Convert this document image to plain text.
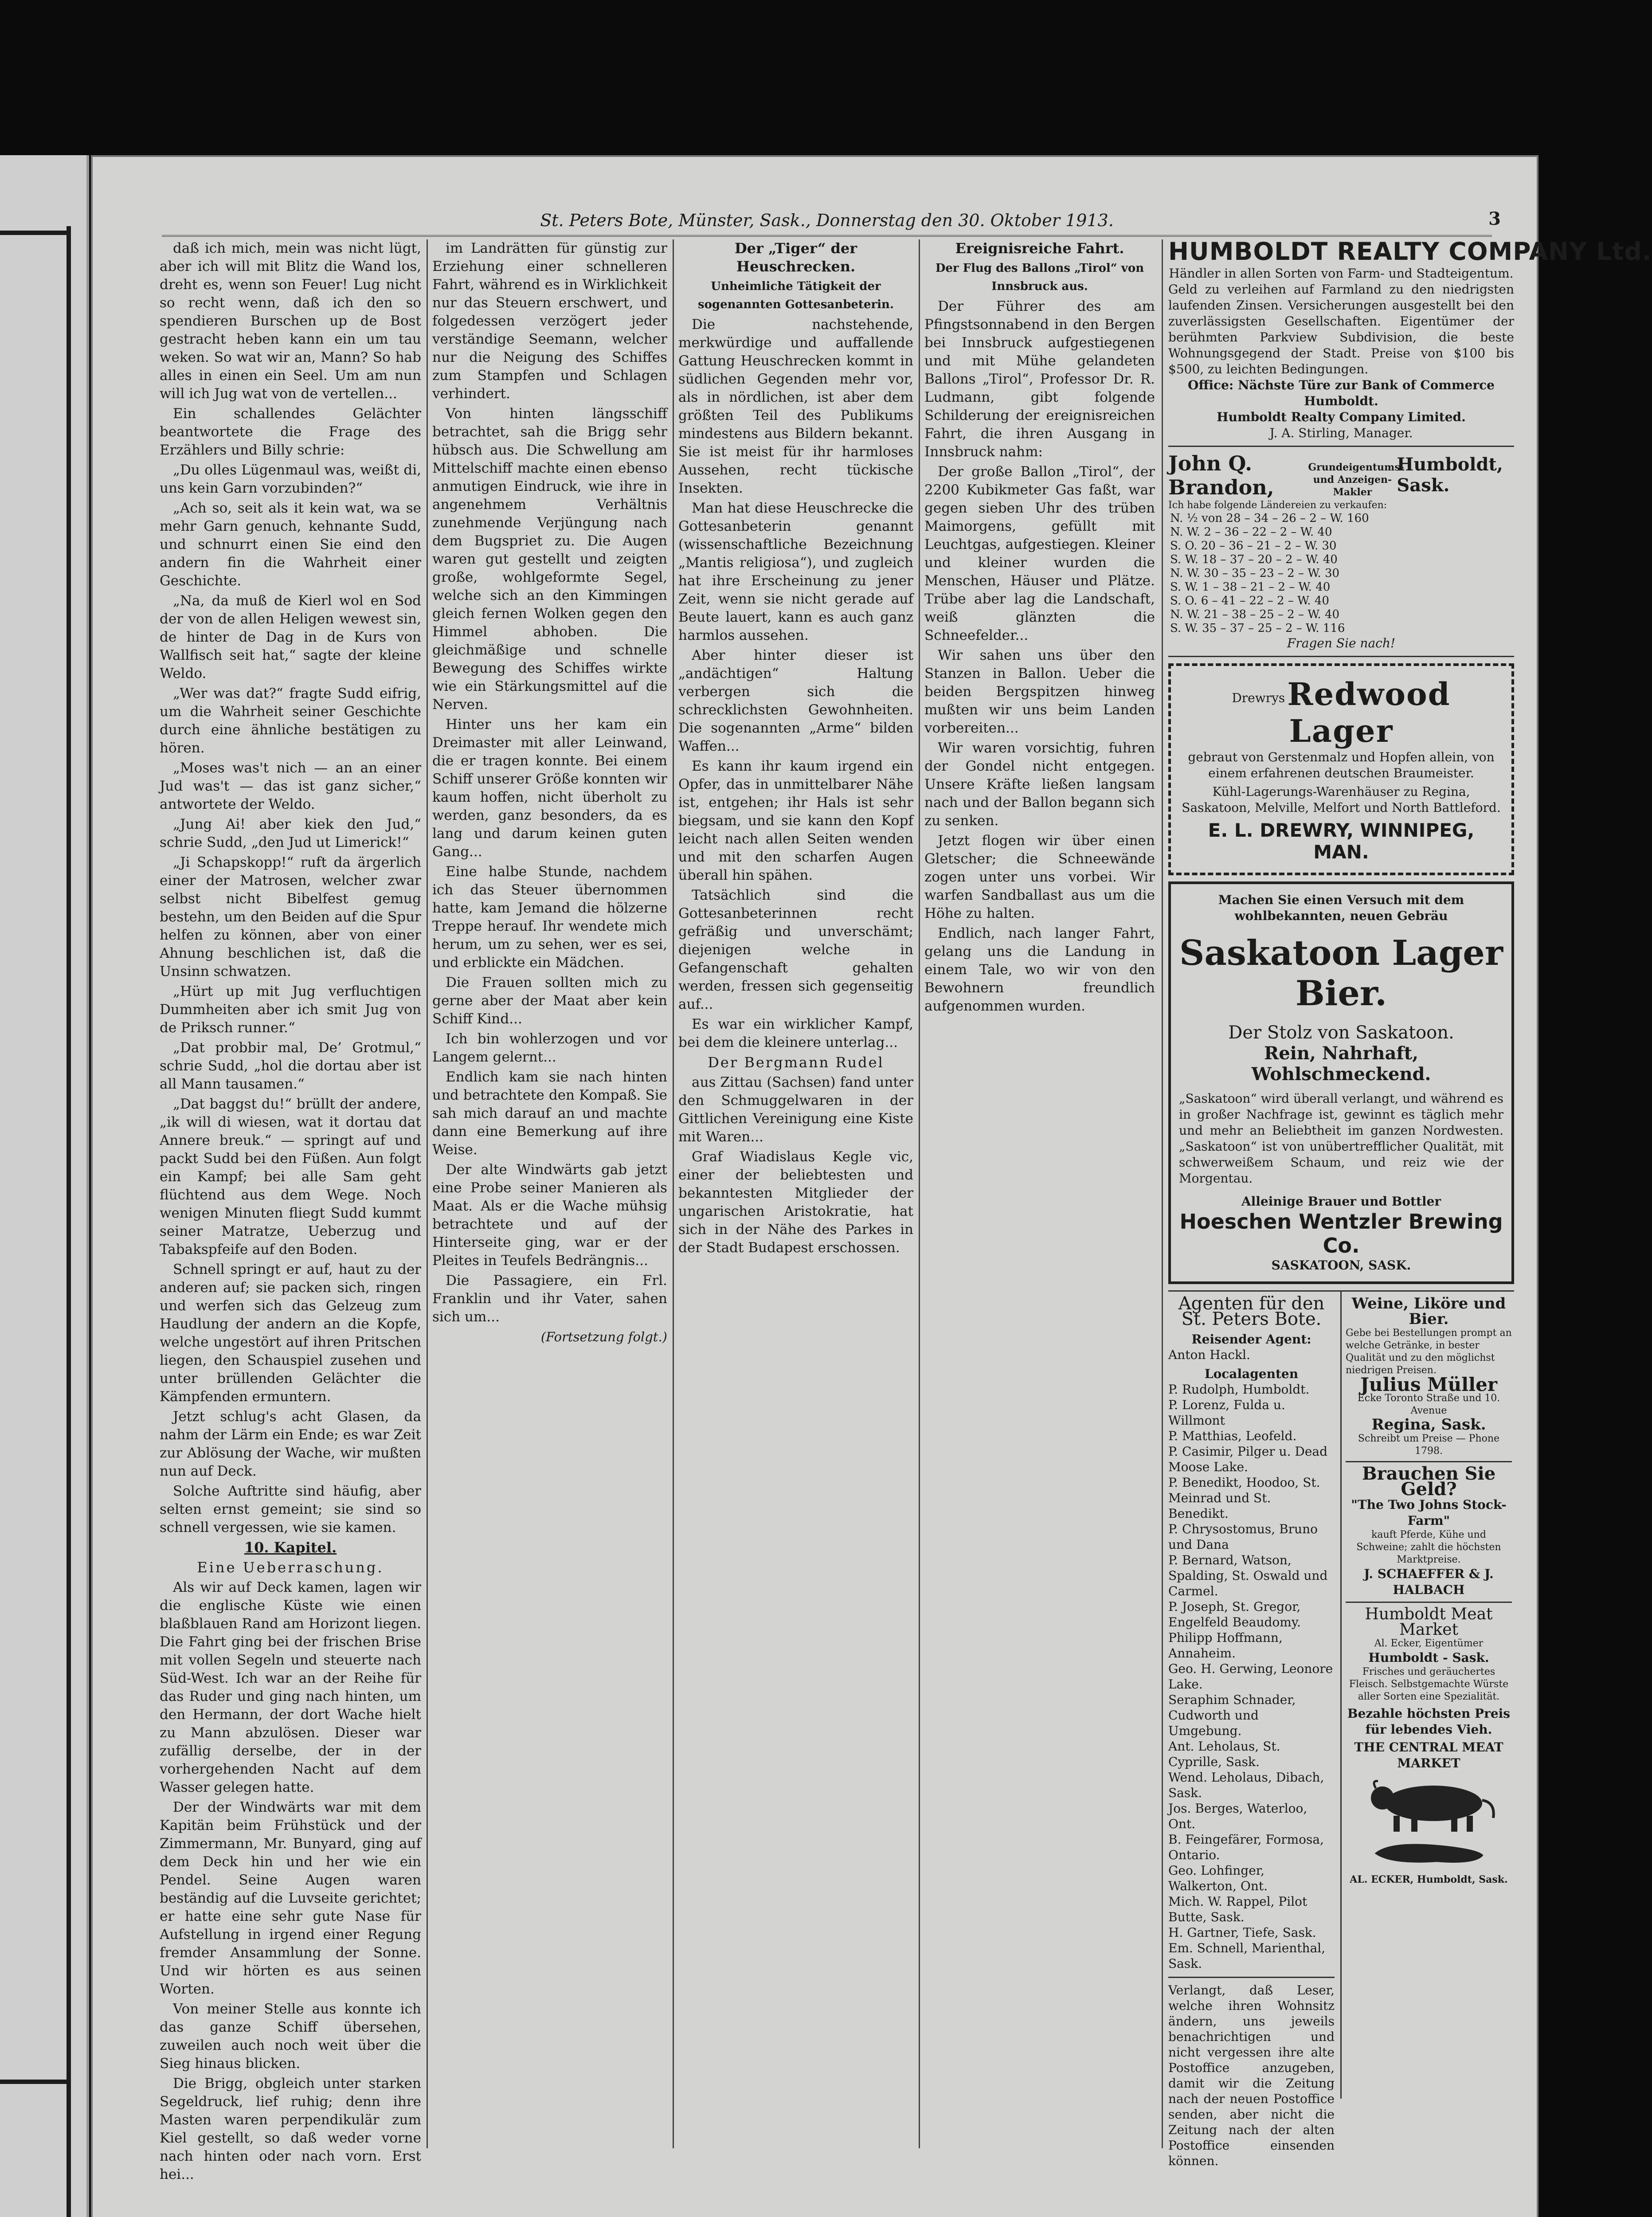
St. Peters Bote, Münster, Sask., Donnerstag den 30. Oktober 1913.	3

daß ich mich, mein was nicht lügt, aber ich will mit Blitz die Wand los, dreht es, wenn son Feuer! Lug nicht so recht wenn, daß ich den so spendieren Burschen up de Bost gestracht heben kann ein um tau weken. So wat wir an, Mann? So hab alles in einen ein Seel. Um am nun will ich Jug wat von de vertellen...

Ein schallendes Gelächter beantwortete die Frage des Erzählers und Billy schrie:

„Du olles Lügenmaul was, weißt di, uns kein Garn vorzubinden?“

„Ach so, seit als it kein wat, wa se mehr Garn genuch, kehnante Sudd, und schnurrt einen Sie eind den andern fin die Wahrheit einer Geschichte.

„Na, da muß de Kierl wol en Sod der von de allen Heligen wewest sin, de hinter de Dag in de Kurs von Wallfisch seit hat,“ sagte der kleine Weldo.

„Wer was dat?“ fragte Sudd eifrig, um die Wahrheit seiner Geschichte durch eine ähnliche bestätigen zu hören.

„Moses was't nich — an an einer Jud was't — das ist ganz sicher,“ antwortete der Weldo.

„Jung Ai! aber kiek den Jud,“ schrie Sudd, „den Jud ut Limerick!“

„Ji Schapskopp!“ ruft da ärgerlich einer der Matrosen, welcher zwar selbst nicht Bibelfest gemug bestehn, um den Beiden auf die Spur helfen zu können, aber von einer Ahnung beschlichen ist, daß die Unsinn schwatzen.

„Hürt up mit Jug verfluchtigen Dummheiten aber ich smit Jug von de Priksch runner.“

„Dat probbir mal, De’ Grotmul,“ schrie Sudd, „hol die dortau aber ist all Mann tausamen.“

„Dat baggst du!“ brüllt der andere, „ik will di wiesen, wat it dortau dat Annere breuk.“ — springt auf und packt Sudd bei den Füßen. Aun folgt ein Kampf; bei alle Sam geht flüchtend aus dem Wege. Noch wenigen Minuten fliegt Sudd kummt seiner Matratze, Ueberzug und Tabakspfeife auf den Boden.

Schnell springt er auf, haut zu der anderen auf; sie packen sich, ringen und werfen sich das Gelzeug zum Haudlung der andern an die Kopfe, welche ungestört auf ihren Pritschen liegen, den Schauspiel zusehen und unter brüllenden Gelächter die Kämpfenden ermuntern.

Jetzt schlug's acht Glasen, da nahm der Lärm ein Ende; es war Zeit zur Ablösung der Wache, wir mußten nun auf Deck.

Solche Auftritte sind häufig, aber selten ernst gemeint; sie sind so schnell vergessen, wie sie kamen.

10. Kapitel.

Eine Ueberraschung.

Als wir auf Deck kamen, lagen wir die englische Küste wie einen blaßblauen Rand am Horizont liegen. Die Fahrt ging bei der frischen Brise mit vollen Segeln und steuerte nach Süd-West. Ich war an der Reihe für das Ruder und ging nach hinten, um den Hermann, der dort Wache hielt zu Mann abzulösen. Dieser war zufällig derselbe, der in der vorhergehenden Nacht auf dem Wasser gelegen hatte.

Der der Windwärts war mit dem Kapitän beim Frühstück und der Zimmermann, Mr. Bunyard, ging auf dem Deck hin und her wie ein Pendel. Seine Augen waren beständig auf die Luvseite gerichtet; er hatte eine sehr gute Nase für Aufstellung in irgend einer Regung fremder Ansammlung der Sonne. Und wir hörten es aus seinen Worten.

Von meiner Stelle aus konnte ich das ganze Schiff übersehen, zuweilen auch noch weit über die Sieg hinaus blicken.

Die Brigg, obgleich unter starken Segeldruck, lief ruhig; denn ihre Masten waren perpendikulär zum Kiel gestellt, so daß weder vorne nach hinten oder nach vorn. Erst hei...

im Landrätten für günstig zur Erziehung einer schnelleren Fahrt, während es in Wirklichkeit nur das Steuern erschwert, und folgedessen verzögert jeder verständige Seemann, welcher nur die Neigung des Schiffes zum Stampfen und Schlagen verhindert.

Von hinten längsschiff betrachtet, sah die Brigg sehr hübsch aus. Die Schwellung am Mittelschiff machte einen ebenso anmutigen Eindruck, wie ihre in angenehmem Verhältnis zunehmende Verjüngung nach dem Bugspriet zu. Die Augen waren gut gestellt und zeigten große, wohlgeformte Segel, welche sich an den Kimmingen gleich fernen Wolken gegen den Himmel abhoben. Die gleichmäßige und schnelle Bewegung des Schiffes wirkte wie ein Stärkungsmittel auf die Nerven.

Hinter uns her kam ein Dreimaster mit aller Leinwand, die er tragen konnte. Bei einem Schiff unserer Größe konnten wir kaum hoffen, nicht überholt zu werden, ganz besonders, da es lang und darum keinen guten Gang...

Eine halbe Stunde, nachdem ich das Steuer übernommen hatte, kam Jemand die hölzerne Treppe herauf. Ihr wendete mich herum, um zu sehen, wer es sei, und erblickte ein Mädchen.

Die Frauen sollten mich zu gerne aber der Maat aber kein Schiff Kind...

Ich bin wohlerzogen und vor Langem gelernt...

Endlich kam sie nach hinten und betrachtete den Kompaß. Sie sah mich darauf an und machte dann eine Bemerkung auf ihre Weise.

Der alte Windwärts gab jetzt eine Probe seiner Manieren als Maat. Als er die Wache mühsig betrachtete und auf der Hinterseite ging, war er der Pleites in Teufels Bedrängnis...

Die Passagiere, ein Frl. Franklin und ihr Vater, sahen sich um...

(Fortsetzung folgt.)

Der „Tiger“ der Heuschrecken.

Unheimliche Tätigkeit der sogenannten Gottesanbeterin.

Die nachstehende, merkwürdige und auffallende Gattung Heuschrecken kommt in südlichen Gegenden mehr vor, als in nördlichen, ist aber dem größten Teil des Publikums mindestens aus Bildern bekannt. Sie ist meist für ihr harmloses Aussehen, recht tückische Insekten.

Man hat diese Heuschrecke die Gottesanbeterin genannt (wissenschaftliche Bezeichnung „Mantis religiosa“), und zugleich hat ihre Erscheinung zu jener Zeit, wenn sie nicht gerade auf Beute lauert, kann es auch ganz harmlos aussehen.

Aber hinter dieser ist „andächtigen“ Haltung verbergen sich die schrecklichsten Gewohnheiten. Die sogenannten „Arme“ bilden Waffen...

Es kann ihr kaum irgend ein Opfer, das in unmittelbarer Nähe ist, entgehen; ihr Hals ist sehr biegsam, und sie kann den Kopf leicht nach allen Seiten wenden und mit den scharfen Augen überall hin spähen.

Tatsächlich sind die Gottesanbeterinnen recht gefräßig und unverschämt; diejenigen welche in Gefangenschaft gehalten werden, fressen sich gegenseitig auf...

Es war ein wirklicher Kampf, bei dem die kleinere unterlag...

Der Bergmann Rudel

aus Zittau (Sachsen) fand unter den Schmuggelwaren in der Gittlichen Vereinigung eine Kiste mit Waren...

Graf Wiadislaus Kegle vic, einer der beliebtesten und bekanntesten Mitglieder der ungarischen Aristokratie, hat sich in der Nähe des Parkes in der Stadt Budapest erschossen.

Ereignisreiche Fahrt.

Der Flug des Ballons „Tirol“ von Innsbruck aus.

Der Führer des am Pfingstsonnabend in den Bergen bei Innsbruck aufgestiegenen und mit Mühe gelandeten Ballons „Tirol“, Professor Dr. R. Ludmann, gibt folgende Schilderung der ereignisreichen Fahrt, die ihren Ausgang in Innsbruck nahm:

Der große Ballon „Tirol“, der 2200 Kubikmeter Gas faßt, war gegen sieben Uhr des trüben Maimorgens, gefüllt mit Leuchtgas, aufgestiegen. Kleiner und kleiner wurden die Menschen, Häuser und Plätze. Trübe aber lag die Landschaft, weiß glänzten die Schneefelder...

Wir sahen uns über den Stanzen in Ballon. Ueber die beiden Bergspitzen hinweg mußten wir uns beim Landen vorbereiten...

Wir waren vorsichtig, fuhren der Gondel nicht entgegen. Unsere Kräfte ließen langsam nach und der Ballon begann sich zu senken.

Jetzt flogen wir über einen Gletscher; die Schneewände zogen unter uns vorbei. Wir warfen Sandballast aus um die Höhe zu halten.

Endlich, nach langer Fahrt, gelang uns die Landung in einem Tale, wo wir von den Bewohnern freundlich aufgenommen wurden.

HUMBOLDT REALTY COMPANY Ltd.
Händler in allen Sorten von Farm- und Stadteigentum.
Geld zu verleihen auf Farmland zu den niedrigsten laufenden Zinsen. Versicherungen ausgestellt bei den zuverlässigsten Gesellschaften. Eigentümer der berühmten Parkview Subdivision, die beste Wohnungsgegend der Stadt. Preise von $100 bis $500, zu leichten Bedingungen.
Office: Nächste Türe zur Bank of Commerce Humboldt.
Humboldt Realty Company Limited.
J. A. Stirling, Manager.
John Q. Brandon,
Grundeigentums- und Anzeigen-Makler
Humboldt, Sask.
Ich habe folgende Ländereien zu verkaufen:
N. ½ von 28 – 34 – 26 – 2 – W. 160
N. W. 2 – 36 – 22 – 2 – W. 40
S. O. 20 – 36 – 21 – 2 – W. 30
S. W. 18 – 37 – 20 – 2 – W. 40
N. W. 30 – 35 – 23 – 2 – W. 30
S. W. 1 – 38 – 21 – 2 – W. 40
S. O. 6 – 41 – 22 – 2 – W. 40
N. W. 21 – 38 – 25 – 2 – W. 40
S. W. 35 – 37 – 25 – 2 – W. 116
Fragen Sie nach!
Drewrys Redwood Lager
gebraut von Gerstenmalz und Hopfen allein, von einem erfahrenen deutschen Braumeister.
Kühl-Lagerungs-Warenhäuser zu Regina, Saskatoon, Melville, Melfort und North Battleford.
E. L. DREWRY, WINNIPEG, MAN.
Machen Sie einen Versuch mit dem wohlbekannten, neuen Gebräu
Saskatoon Lager Bier.
Der Stolz von Saskatoon.
Rein, Nahrhaft, Wohlschmeckend.
„Saskatoon“ wird überall verlangt, und während es in großer Nachfrage ist, gewinnt es täglich mehr und mehr an Beliebtheit im ganzen Nordwesten. „Saskatoon“ ist von unübertrefflicher Qualität, mit schwerweißem Schaum, und reiz wie der Morgentau.
Alleinige Brauer und Bottler
Hoeschen Wentzler Brewing Co.
SASKATOON, SASK.
Agenten für den St. Peters Bote.
Reisender Agent:
Anton Hackl.
Localagenten
P. Rudolph, Humboldt.
P. Lorenz, Fulda u. Willmont
P. Matthias, Leofeld.
P. Casimir, Pilger u. Dead Moose Lake.
P. Benedikt, Hoodoo, St. Meinrad und St. Benedikt.
P. Chrysostomus, Bruno und Dana
P. Bernard, Watson, Spalding, St. Oswald und Carmel.
P. Joseph, St. Gregor, Engelfeld Beaudomy.
Philipp Hoffmann, Annaheim.
Geo. H. Gerwing, Leonore Lake.
Seraphim Schnader, Cudworth und Umgebung.
Ant. Leholaus, St. Cyprille, Sask.
Wend. Leholaus, Dibach, Sask.
Jos. Berges, Waterloo, Ont.
B. Feingefärer, Formosa, Ontario.
Geo. Lohfinger, Walkerton, Ont.
Mich. W. Rappel, Pilot Butte, Sask.
H. Gartner, Tiefe, Sask.
Em. Schnell, Marienthal, Sask.
Verlangt, daß Leser, welche ihren Wohnsitz ändern, uns jeweils benachrichtigen und nicht vergessen ihre alte Postoffice anzugeben, damit wir die Zeitung nach der neuen Postoffice senden, aber nicht die Zeitung nach der alten Postoffice einsenden können.
Weine, Liköre und Bier.
Gebe bei Bestellungen prompt an welche Getränke, in bester Qualität und zu den möglichst niedrigen Preisen.
Julius Müller
Ecke Toronto Straße und 10. Avenue
Regina, Sask.
Schreibt um Preise — Phone 1798.
Brauchen Sie Geld?
"The Two Johns Stock-Farm"
kauft Pferde, Kühe und Schweine; zahlt die höchsten Marktpreise.
J. SCHAEFFER & J. HALBACH
Humboldt Meat Market
Al. Ecker, Eigentümer
Humboldt - Sask.
Frisches und geräuchertes Fleisch. Selbstgemachte Würste aller Sorten eine Spezialität.
Bezahle höchsten Preis für lebendes Vieh.
THE CENTRAL MEAT MARKET
AL. ECKER, Humboldt, Sask.
